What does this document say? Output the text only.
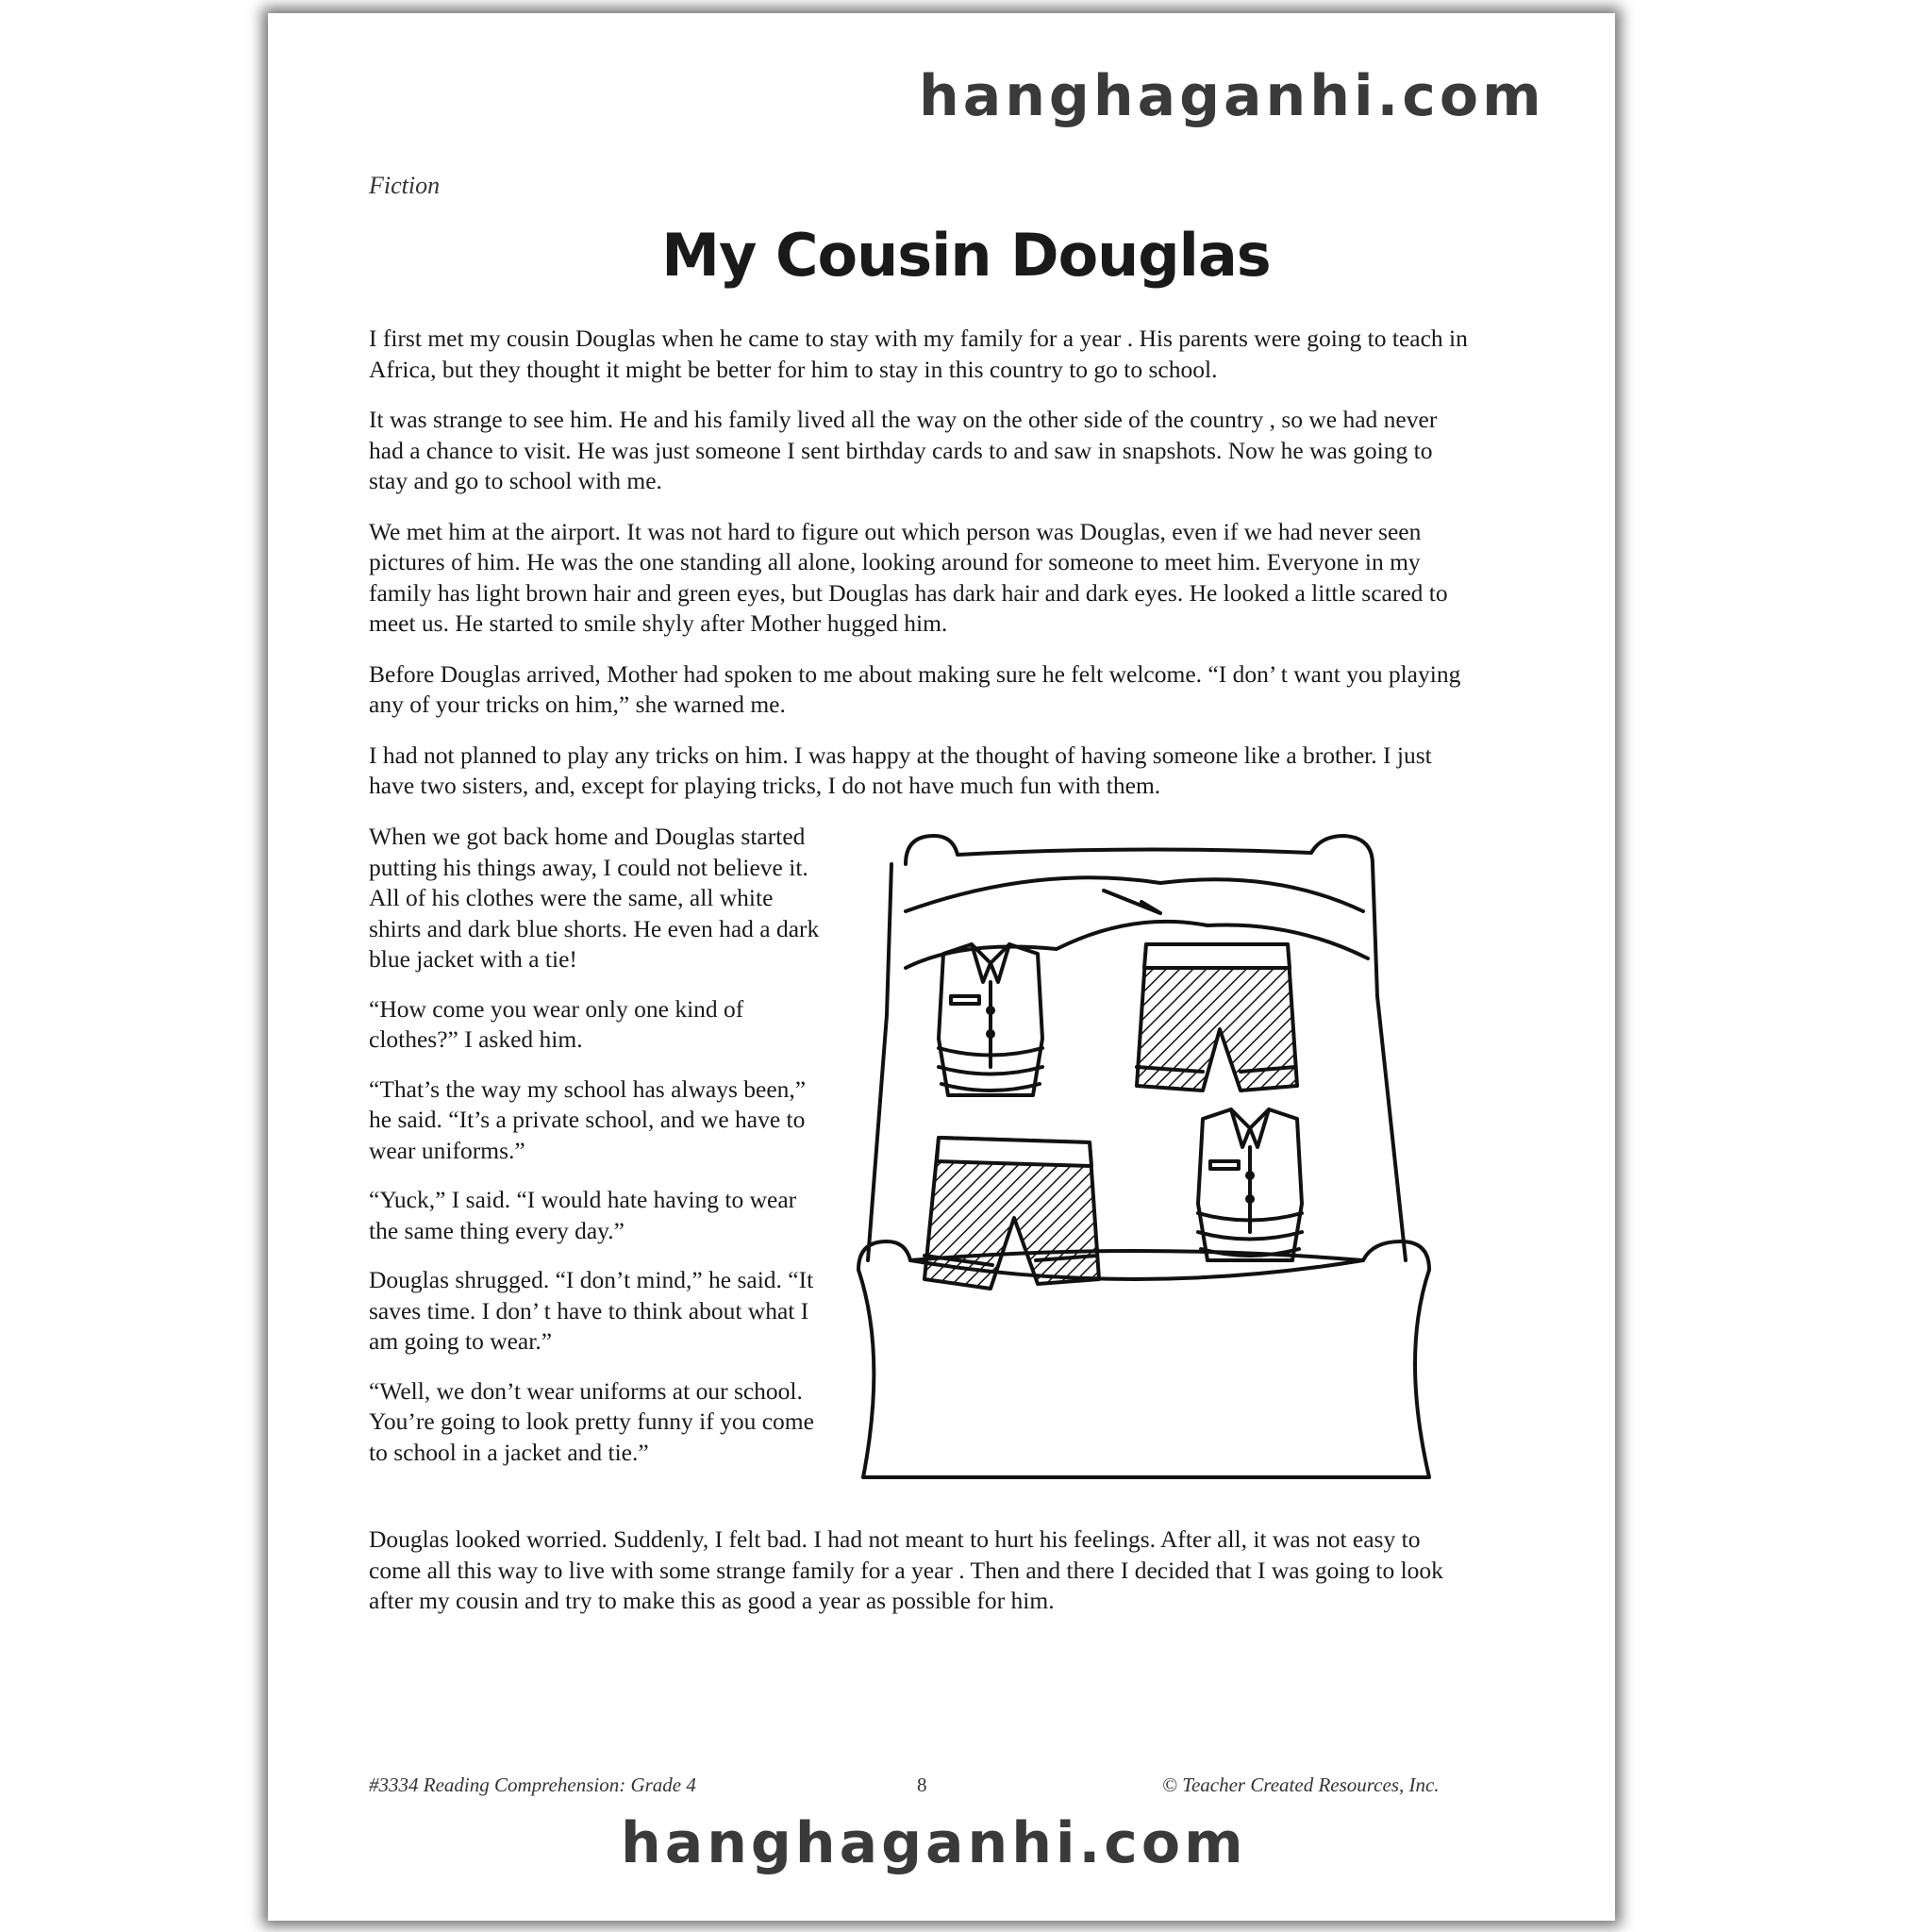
hanghaganhi.com
Fiction
My Cousin Douglas

I first met my cousin Douglas when he came to stay with my family for a year . His parents were going to teach in Africa, but they thought it might be better for him to stay in this country to go to school.

It was strange to see him. He and his family lived all the way on the other side of the country , so we had never had a chance to visit. He was just someone I sent birthday cards to and saw in snapshots. Now he was going to stay and go to school with me.

We met him at the airport. It was not hard to figure out which person was Douglas, even if we had never seen pictures of him. He was the one standing all alone, looking around for someone to meet him. Everyone in my family has light brown hair and green eyes, but Douglas has dark hair and dark eyes. He looked a little scared to meet us. He started to smile shyly after Mother hugged him.

Before Douglas arrived, Mother had spoken to me about making sure he felt welcome. “I don’ t want you playing any of your tricks on him,” she warned me.

I had not planned to play any tricks on him. I was happy at the thought of having someone like a brother. I just have two sisters, and, except for playing tricks, I do not have much fun with them.

When we got back home and Douglas started putting his things away, I could not believe it. All of his clothes were the same, all white shirts and dark blue shorts. He even had a dark blue jacket with a tie!

“How come you wear only one kind of clothes?” I asked him.

“That’s the way my school has always been,” he said. “It’s a private school, and we have to wear uniforms.”

“Yuck,” I said. “I would hate having to wear the same thing every day.”

Douglas shrugged. “I don’t mind,” he said. “It saves time. I don’ t have to think about what I am going to wear.”

“Well, we don’t wear uniforms at our school. You’re going to look pretty funny if you come to school in a jacket and tie.”

Douglas looked worried. Suddenly, I felt bad. I had not meant to hurt his feelings. After all, it was not easy to come all this way to live with some strange family for a year . Then and there I decided that I was going to look after my cousin and try to make this as good a year as possible for him.

#3334 Reading Comprehension: Grade 4	8	© Teacher Created Resources, Inc.
hanghaganhi.com
